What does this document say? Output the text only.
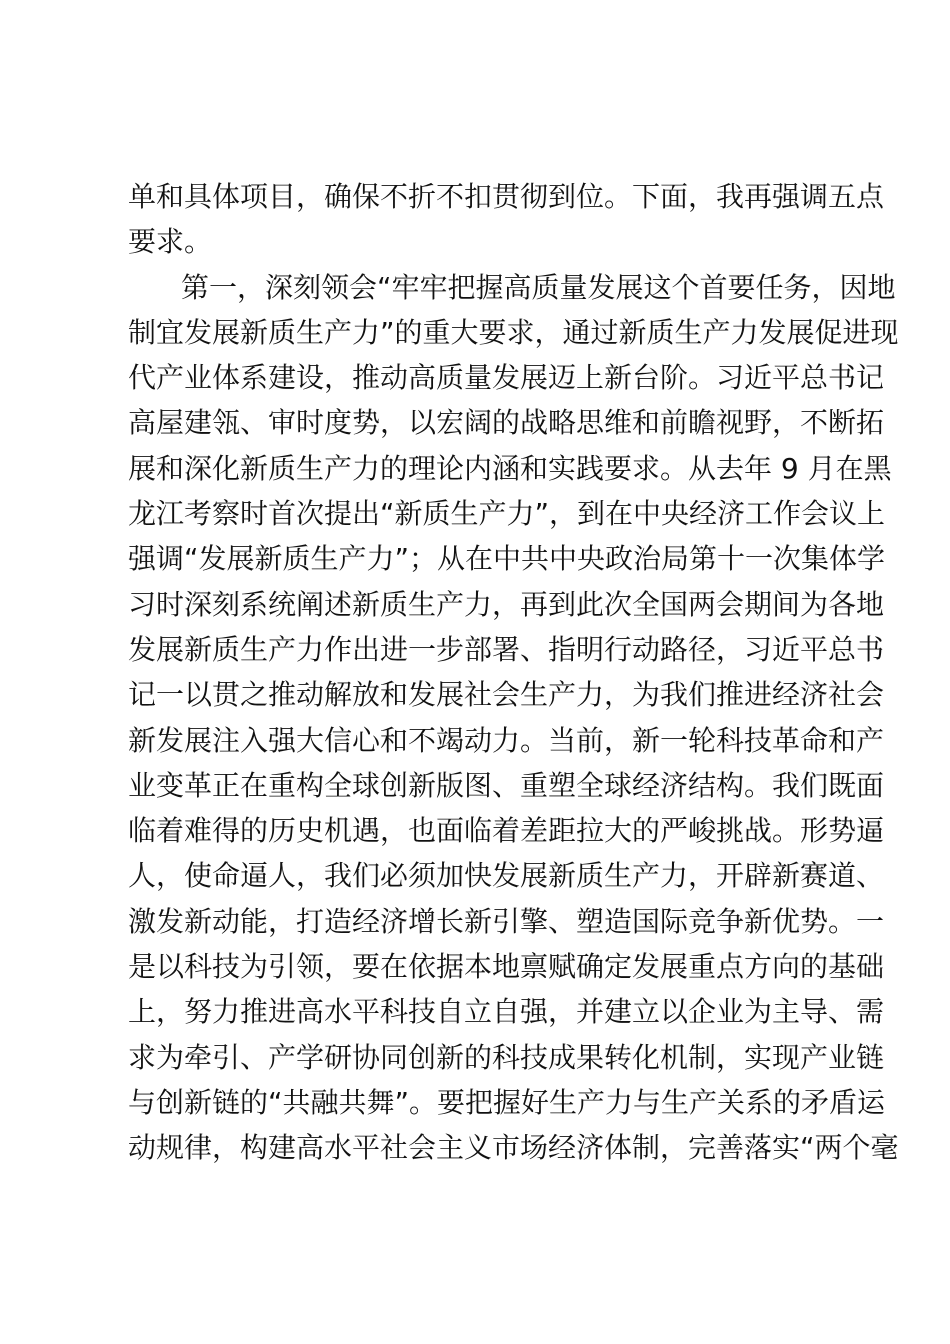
单和具体项目，确保不折不扣贯彻到位。下面，我再强调五点
要求。
第一，深刻领会“牢牢把握高质量发展这个首要任务，因地
制宜发展新质生产力”的重大要求，通过新质生产力发展促进现
代产业体系建设，推动高质量发展迈上新台阶。习近平总书记
高屋建瓴、审时度势，以宏阔的战略思维和前瞻视野，不断拓
展和深化新质生产力的理论内涵和实践要求。从去年 9 月在黑
龙江考察时首次提出“新质生产力”，到在中央经济工作会议上
强调“发展新质生产力”；从在中共中央政治局第十一次集体学
习时深刻系统阐述新质生产力，再到此次全国两会期间为各地
发展新质生产力作出进一步部署、指明行动路径，习近平总书
记一以贯之推动解放和发展社会生产力，为我们推进经济社会
新发展注入强大信心和不竭动力。当前，新一轮科技革命和产
业变革正在重构全球创新版图、重塑全球经济结构。我们既面
临着难得的历史机遇，也面临着差距拉大的严峻挑战。形势逼
人，使命逼人，我们必须加快发展新质生产力，开辟新赛道、
激发新动能，打造经济增长新引擎、塑造国际竞争新优势。一
是以科技为引领，要在依据本地禀赋确定发展重点方向的基础
上，努力推进高水平科技自立自强，并建立以企业为主导、需
求为牵引、产学研协同创新的科技成果转化机制，实现产业链
与创新链的“共融共舞”。要把握好生产力与生产关系的矛盾运
动规律，构建高水平社会主义市场经济体制，完善落实“两个毫
